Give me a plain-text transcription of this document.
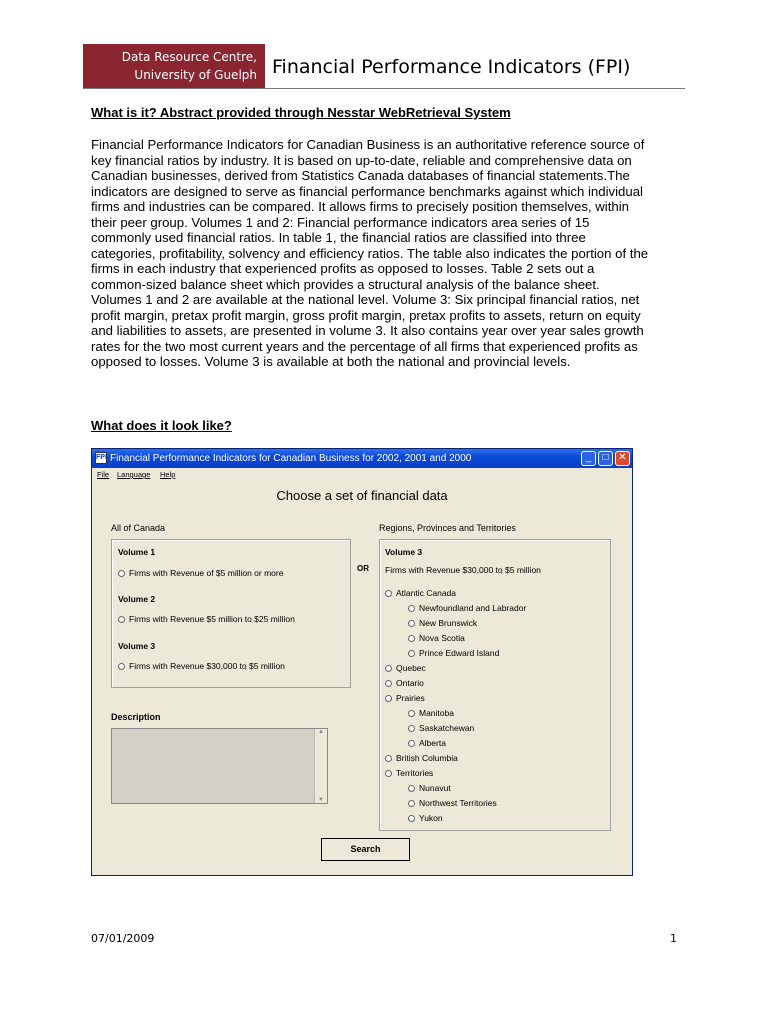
Data Resource Centre,
University of Guelph Financial Performance Indicators (FPI)
What is it? Abstract provided through Nesstar WebRetrieval System
Financial Performance Indicators for Canadian Business is an authoritative reference source of
key financial ratios by industry. It is based on up-to-date, reliable and comprehensive data on
Canadian businesses, derived from Statistics Canada databases of financial statements.The
indicators are designed to serve as financial performance benchmarks against which individual
firms and industries can be compared. It allows firms to precisely position themselves, within
their peer group. Volumes 1 and 2: Financial performance indicators area series of 15
commonly used financial ratios. In table 1, the financial ratios are classified into three
categories, profitability, solvency and efficiency ratios. The table also indicates the portion of the
firms in each industry that experienced profits as opposed to losses. Table 2 sets out a
common-sized balance sheet which provides a structural analysis of the balance sheet.
Volumes 1 and 2 are available at the national level. Volume 3: Six principal financial ratios, net
profit margin, pretax profit margin, gross profit margin, pretax profits to assets, return on equity
and liabilities to assets, are presented in volume 3. It also contains year over year sales growth
rates for the two most current years and the percentage of all firms that experienced profits as
opposed to losses. Volume 3 is available at both the national and provincial levels.
What does it look like?
FPI Financial Performance Indicators for Canadian Business for 2002, 2001 and 2000	_	□ ✕
File Language Help
Choose a set of financial data
All of Canada	Regions, Provinces and Territories
Volume 1
Firms with Revenue of $5 million or more
Volume 2
Firms with Revenue $5 million to $25 million
Volume 3
Firms with Revenue $30,000 to $5 million
OR
Volume 3
Firms with Revenue $30,000 to $5 million
Atlantic Canada
Newfoundland and Labrador
New Brunswick
Nova Scotia
Prince Edward Island
Quebec
Ontario
Prairies
Manitoba
Saskatchewan
Alberta
British Columbia
Territories
Nunavut
Northwest Territories
Yukon
Description
▲
▼
Search
07/01/2009	1
